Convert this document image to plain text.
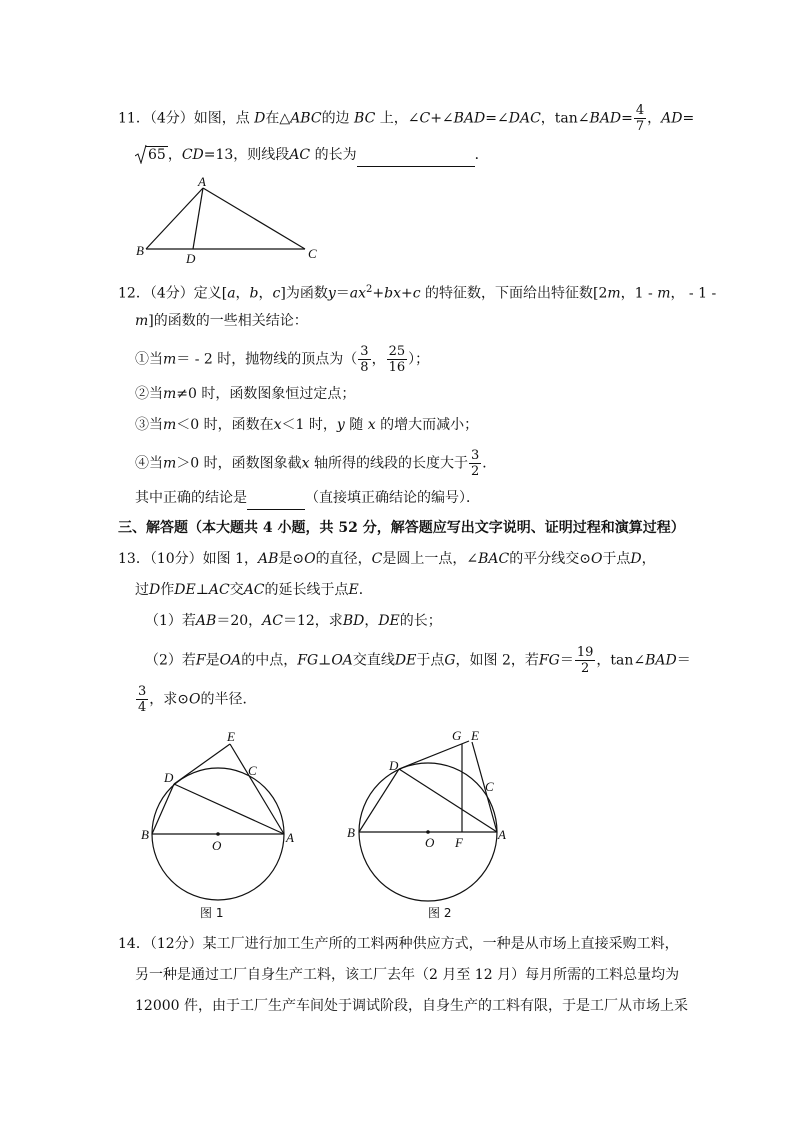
11．（4分）如图，点 D在△ABC的边 BC 上，∠C+∠BAD=∠DAC，tan∠BAD= $\frac{4}{7}$ ，AD=
65 ，CD=13，则线段AC 的长为	．
A
B	C
D
12．（4分）定义[a，b，c]为函数$y=ax^2+bx+c$ 的特征数，下面给出特征数[2m，1 - m， - 1 -
m]的函数的一些相关结论：
①当m＝ - 2 时，抛物线的顶点为（ $\frac{3}{8}$ ， $\frac{25}{16}$ ）；
②当m≠0 时，函数图象恒过定点；
③当m＜0 时，函数在x＜1 时，y 随 x 的增大而减小；
④当m＞0 时，函数图象截x 轴所得的线段的长度大于 $\frac{3}{2}$ ．
其中正确的结论是	（直接填正确结论的编号）．
三、解答题（本大题共 4 小题，共 52 分，解答题应写出文字说明、证明过程和演算过程）
13．（10分）如图 1，AB是⊙O的直径，C是圆上一点，∠BAC的平分线交⊙O于点D，
过D作DE⊥AC交AC的延长线于点E．
（1）若AB＝20，AC＝12，求BD，DE的长；
（2）若F是OA的中点，FG⊥OA交直线DE于点G，如图 2，若$FG= \frac{19}{2}$ ，tan∠BAD＝
$\frac{3}{4}$ ，求⊙O的半径．
E
D	C
B
O
A
图 1
G E
D
C
B
O F
A
图 2
14．（12分）某工厂进行加工生产所的工料两种供应方式，一种是从市场上直接采购工料，
另一种是通过工厂自身生产工料，该工厂去年（2 月至 12 月）每月所需的工料总量均为
12000 件，由于工厂生产车间处于调试阶段，自身生产的工料有限，于是工厂从市场上采
